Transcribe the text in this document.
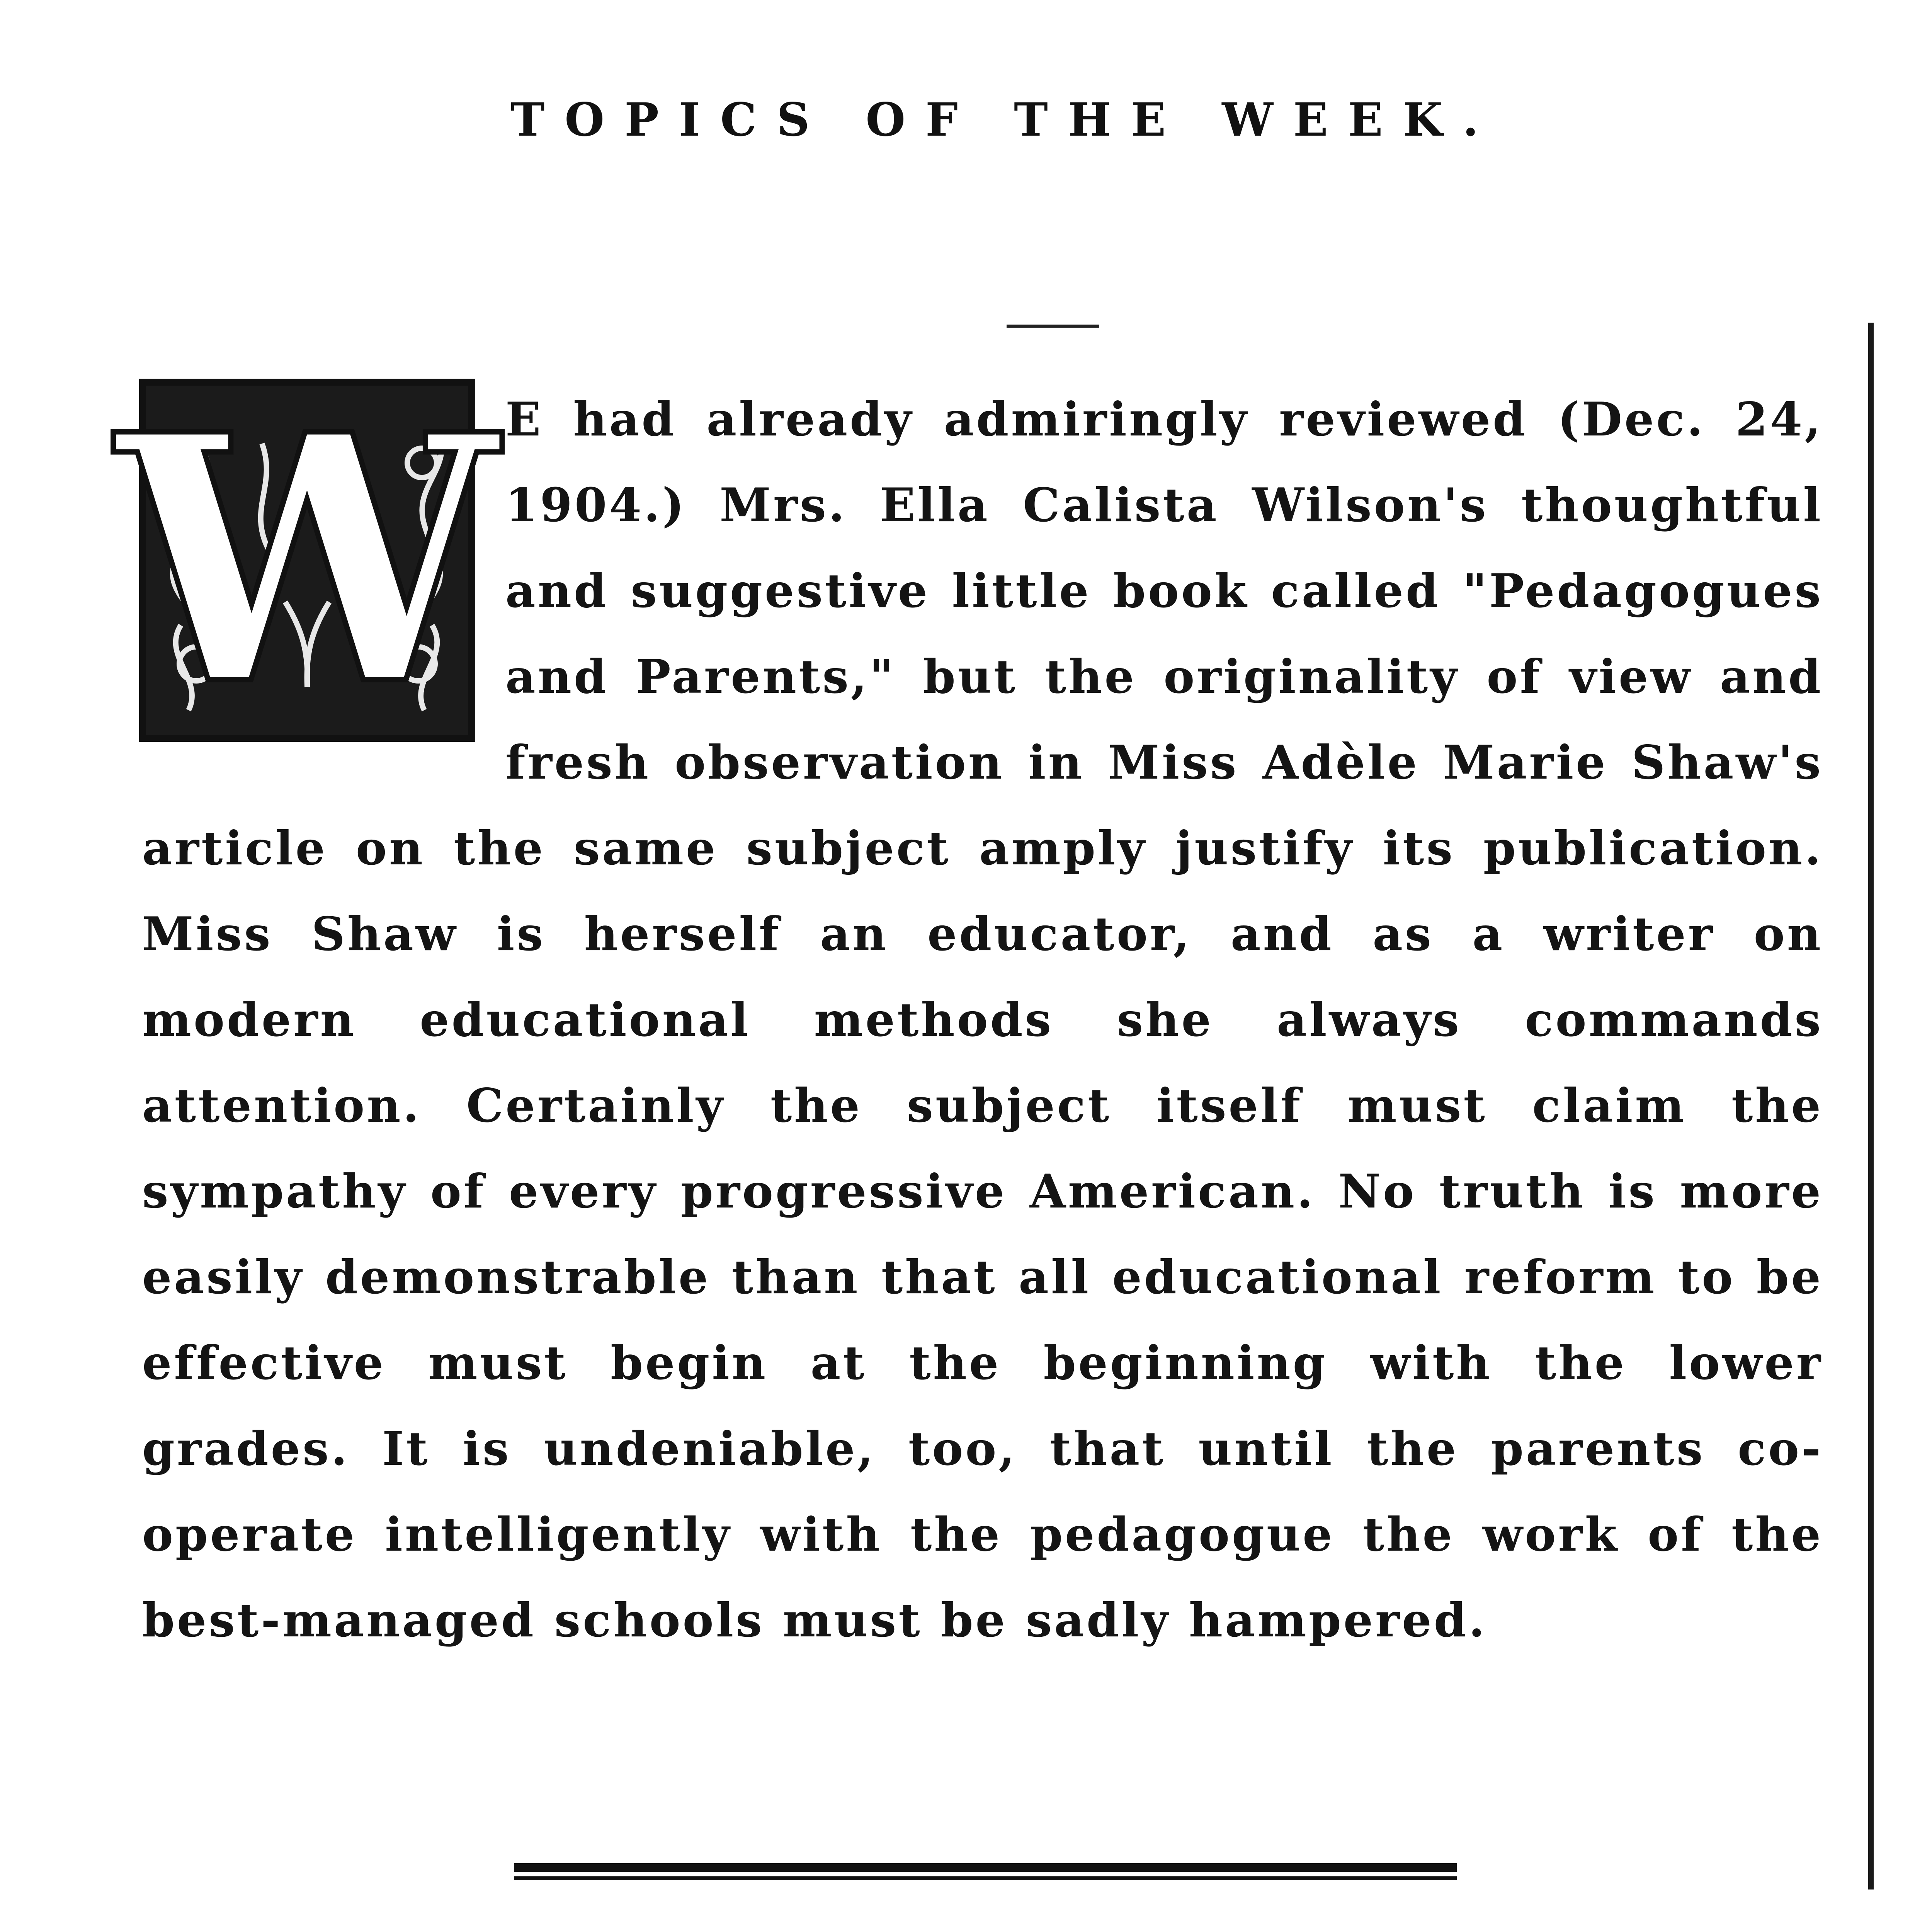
TOPICS OF THE WEEK.
E had already admiringly reviewed (Dec. 24, 1904.) Mrs. Ella Calista Wilson's thoughtful and suggestive little book called "Pedagogues and Parents," but the originality of view and fresh observation in Miss Adèle Marie Shaw's article on the same subject amply justify its publication. Miss Shaw is herself an educator, and as a writer on modern educational methods she always commands attention. Certainly the subject itself must claim the sympathy of every progressive American. No truth is more easily demonstrable than that all educational reform to be effective must begin at the beginning with the lower grades. It is undeniable, too, that until the parents co-operate intelligently with the pedagogue the work of the best-managed schools must be sadly hampered.
W
